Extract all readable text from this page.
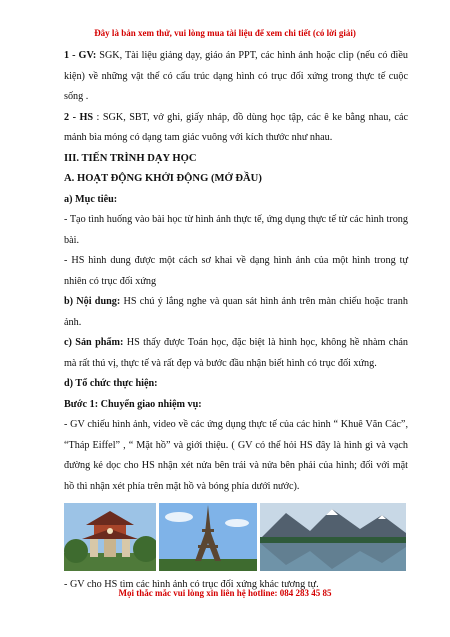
Đây là bản xem thử, vui lòng mua tài liệu để xem chi tiết (có lời giải)

1 - GV: SGK, Tài liệu giảng dạy, giáo án PPT, các hình ảnh hoặc clip (nếu có điều kiện) về những vật thể có cấu trúc dạng hình có trục đối xứng trong thực tế cuộc sống .

2 - HS : SGK, SBT, vở ghi, giấy nháp, đồ dùng học tập, các ê ke bằng nhau, các mảnh bìa mỏng có dạng tam giác vuông với kích thước như nhau.

III. TIẾN TRÌNH DẠY HỌC

A. HOẠT ĐỘNG KHỞI ĐỘNG (MỞ ĐẦU)

a) Mục tiêu:

- Tạo tình huống vào bài học từ hình ảnh thực tế, ứng dụng thực tế từ các hình trong bài.

- HS hình dung được một cách sơ khai về dạng hình ảnh của một hình trong tự nhiên có trục đối xứng

b) Nội dung: HS chú ý lắng nghe và quan sát hình ảnh trên màn chiếu hoặc tranh ảnh.

c) Sản phẩm: HS thấy được Toán học, đặc biệt là hình học, không hề nhàm chán mà rất thú vị, thực tế và rất đẹp và bước đầu nhận biết hình có trục đối xứng.

d) Tổ chức thực hiện:

Bước 1: Chuyển giao nhiệm vụ:

- GV chiếu hình ảnh, video về các ứng dụng thực tế của các hình “ Khuê Văn Các”, “Tháp Eiffel” , “ Mặt hồ” và giới thiệu. ( GV có thể hỏi HS đây là hình gì và vạch đường kẻ dọc cho HS nhận xét nửa bên trái và nửa bên phải của hình; đối với mặt hồ thì nhận xét phía trên mặt hồ và bóng phía dưới nước).

- GV cho HS tìm các hình ảnh có trục đối xứng khác tương tự.

Mọi thắc mắc vui lòng xin liên hệ hotline: 084 283 45 85
